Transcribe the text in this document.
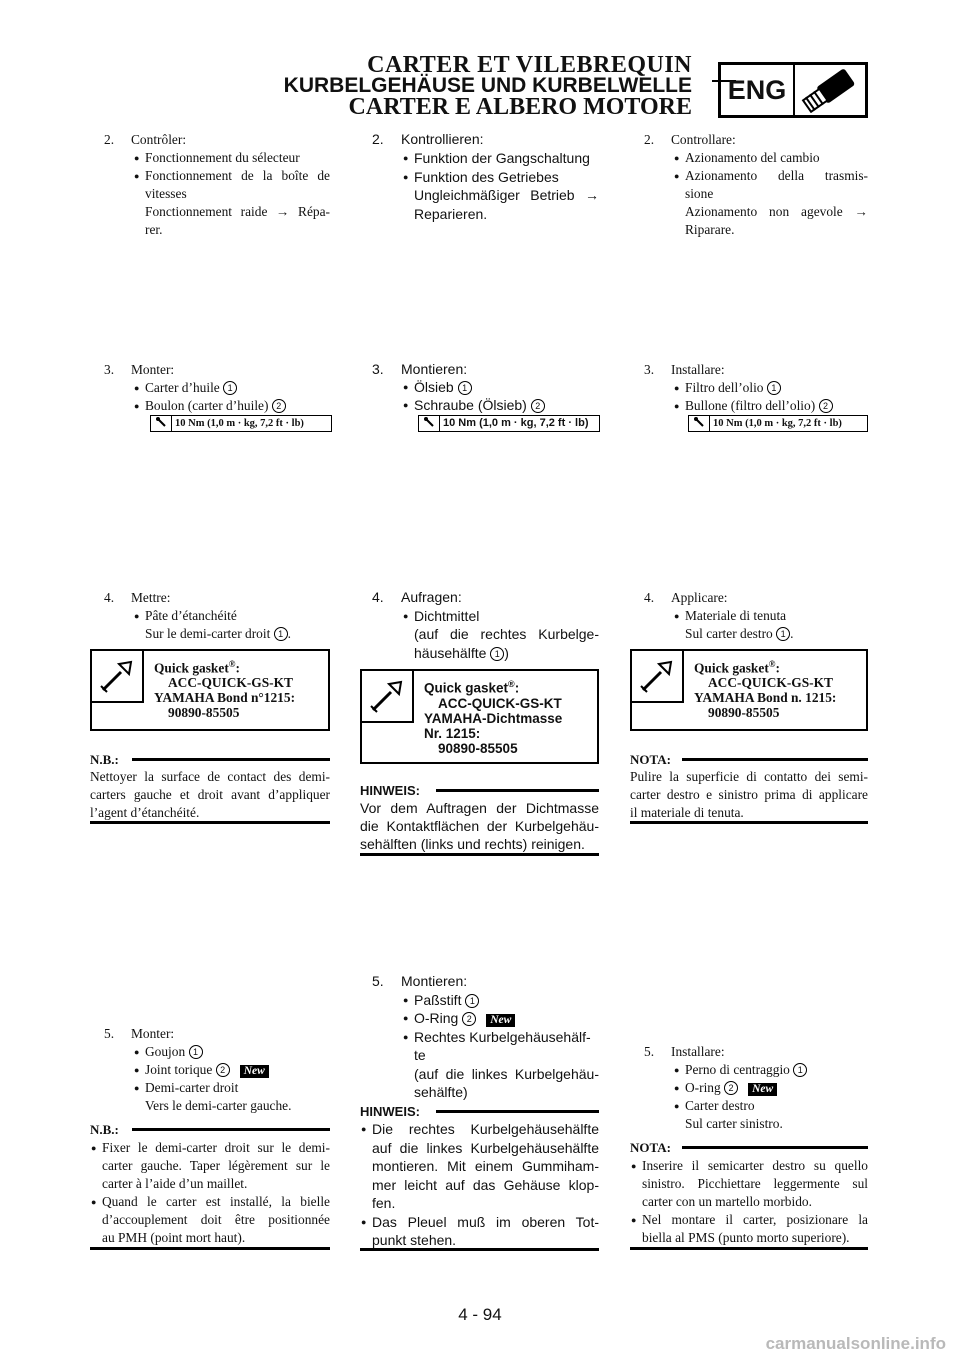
CARTER ET VILEBREQUIN
KURBELGEHÄUSE UND KURBELWELLE
CARTER E ALBERO MOTORE
ENG
2. Contrôler:
● Fonctionnement du sélecteur
● Fonctionnement de la boîte de
vitesses
Fonctionnement raide → Répa-
rer.
3. Monter:
● Carter d’huile 1
● Boulon (carter d’huile) 2
10 Nm (1,0 m · kg, 7,2 ft · lb)
4. Mettre:
● Pâte d’étanchéité
Sur le demi-carter droit 1 .
Quick gasket®:
ACC-QUICK-GS-KT
YAMAHA Bond n°1215:
90890-85505
N.B.:
Nettoyer la surface de contact des demi-
carters gauche et droit avant d’appliquer
l’agent d’étanchéité.
5. Monter:
● Goujon 1
● Joint torique 2 New
● Demi-carter droit
Vers le demi-carter gauche.
N.B.:
● Fixer le demi-carter droit sur le demi-
carter gauche. Taper légèrement sur le
carter à l’aide d’un maillet.
● Quand le carter est installé, la bielle
d’accouplement doit être positionnée
au PMH (point mort haut).
2. Kontrollieren:
● Funktion der Gangschaltung
● Funktion des Getriebes
Ungleichmäßiger Betrieb →
Reparieren.
3. Montieren:
● Ölsieb 1
● Schraube (Ölsieb) 2
10 Nm (1,0 m · kg, 7,2 ft · lb)
4. Aufragen:
● Dichtmittel
(auf die rechtes Kurbelge-
häusehälfte 1 )
Quick gasket®:
ACC-QUICK-GS-KT
YAMAHA-Dichtmasse
Nr. 1215:
90890-85505
HINWEIS:
Vor dem Auftragen der Dichtmasse
die Kontaktflächen der Kurbelgehäu-
sehälften (links und rechts) reinigen.
5. Montieren:
● Paßstift 1
● O-Ring 2 New
● Rechtes Kurbelgehäusehälf-
te
(auf die linkes Kurbelgehäu-
sehälfte)
HINWEIS:
● Die rechtes Kurbelgehäusehälfte
auf die linkes Kurbelgehäusehälfte
montieren. Mit einem Gummiham-
mer leicht auf das Gehäuse klop-
fen.
● Das Pleuel muß im oberen Tot-
punkt stehen.
2. Controllare:
● Azionamento del cambio
● Azionamento della trasmis-
sione
Azionamento non agevole →
Riparare.
3. Installare:
● Filtro dell’olio 1
● Bullone (filtro dell’olio) 2
10 Nm (1,0 m · kg, 7,2 ft · lb)
4. Applicare:
● Materiale di tenuta
Sul carter destro 1 .
Quick gasket®:
ACC-QUICK-GS-KT
YAMAHA Bond n. 1215:
90890-85505
NOTA:
Pulire la superficie di contatto dei semi-
carter destro e sinistro prima di applicare
il materiale di tenuta.
5. Installare:
● Perno di centraggio 1
● O-ring 2 New
● Carter destro
Sul carter sinistro.
NOTA:
● Inserire il semicarter destro su quello
sinistro. Picchiettare leggermente sul
carter con un martello morbido.
● Nel montare il carter, posizionare la
biella al PMS (punto morto superiore).
4 - 94
carmanualsonline.info
